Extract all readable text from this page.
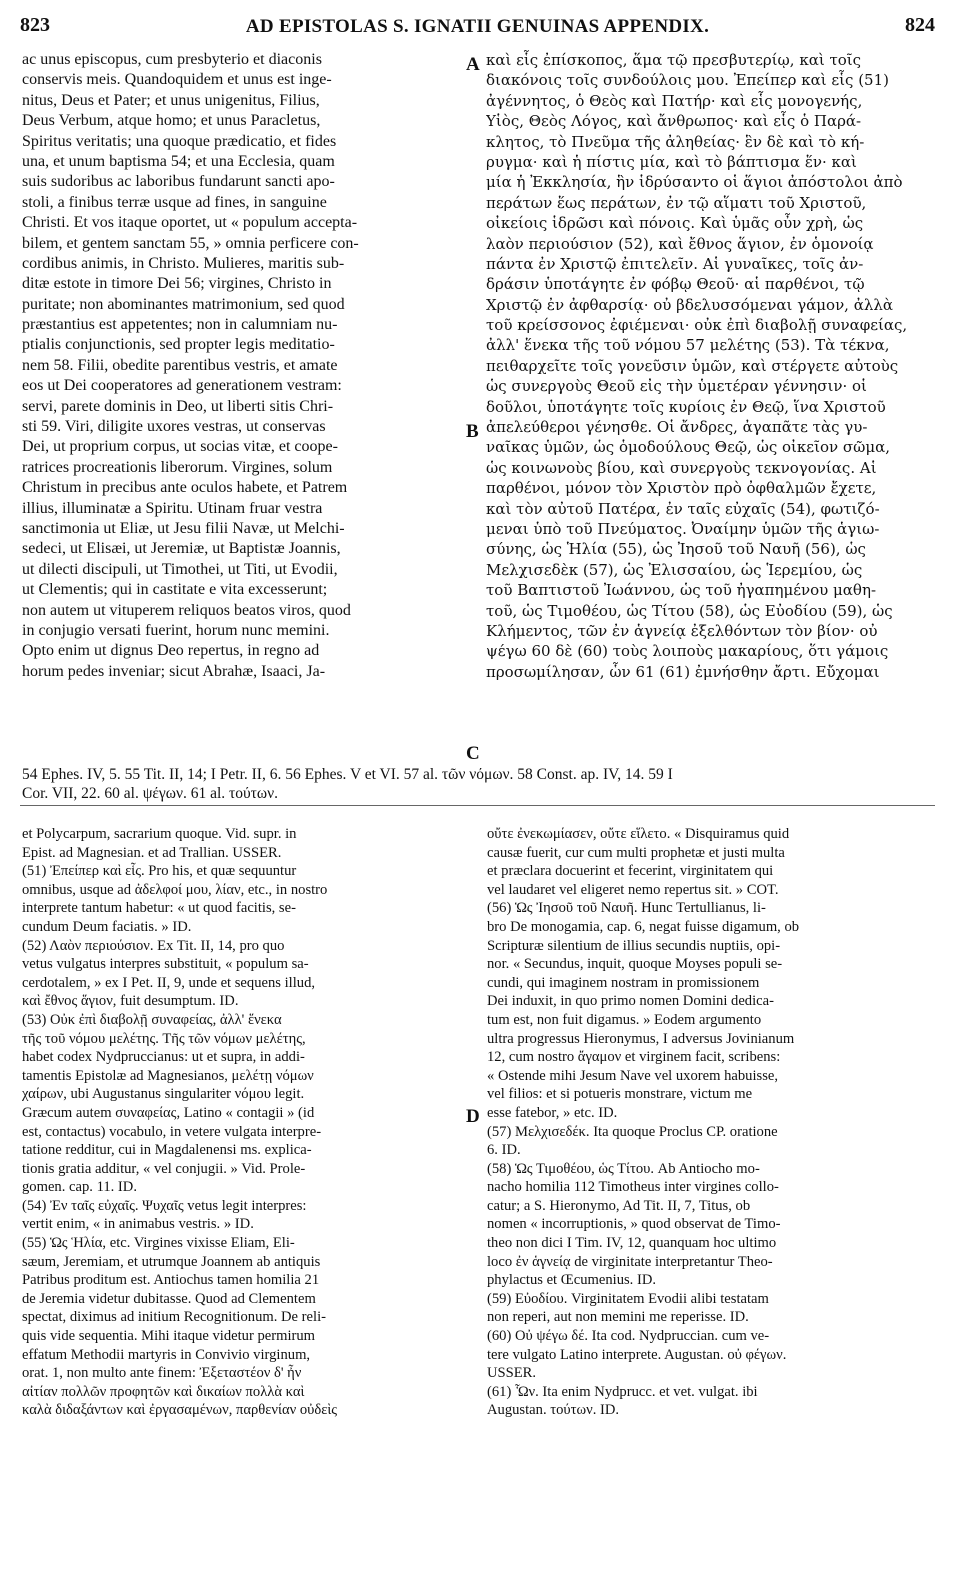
823	AD EPISTOLAS S. IGNATII GENUINAS APPENDIX.	824
ac unus episcopus, cum presbyterio et diaconis
conservis meis. Quandoquidem et unus est inge-
nitus, Deus et Pater; et unus unigenitus, Filius,
Deus Verbum, atque homo; et unus Paracletus,
Spiritus veritatis; una quoque prædicatio, et fides
una, et unum baptisma 54; et una Ecclesia, quam
suis sudoribus ac laboribus fundarunt sancti apo-
stoli, a finibus terræ usque ad fines, in sanguine
Christi. Et vos itaque oportet, ut « populum accepta-
bilem, et gentem sanctam 55, » omnia perficere con-
cordibus animis, in Christo. Mulieres, maritis sub-
ditæ estote in timore Dei 56; virgines, Christo in
puritate; non abominantes matrimonium, sed quod
præstantius est appetentes; non in calumniam nu-
ptialis conjunctionis, sed propter legis meditatio-
nem 58. Filii, obedite parentibus vestris, et amate
eos ut Dei cooperatores ad generationem vestram:
servi, parete dominis in Deo, ut liberti sitis Chri-
sti 59. Viri, diligite uxores vestras, ut conservas
Dei, ut proprium corpus, ut socias vitæ, et coope-
ratrices procreationis liberorum. Virgines, solum
Christum in precibus ante oculos habete, et Patrem
illius, illuminatæ a Spiritu. Utinam fruar vestra
sanctimonia ut Eliæ, ut Jesu filii Navæ, ut Melchi-
sedeci, ut Elisæi, ut Jeremiæ, ut Baptistæ Joannis,
ut dilecti discipuli, ut Timothei, ut Titi, ut Evodii,
ut Clementis; qui in castitate e vita excesserunt;
non autem ut vituperem reliquos beatos viros, quod
in conjugio versati fuerint, horum nunc memini.
Opto enim ut dignus Deo repertus, in regno ad
horum pedes inveniar; sicut Abrahæ, Isaaci, Ja-
καὶ εἷς ἐπίσκοπος, ἅμα τῷ πρεσβυτερίῳ, καὶ τοῖς
διακόνοις τοῖς συνδούλοις μου. Ἐπείπερ καὶ εἷς (51)
ἀγέννητος, ὁ Θεὸς καὶ Πατήρ· καὶ εἷς μονογενής,
Υἱὸς, Θεὸς Λόγος, καὶ ἄνθρωπος· καὶ εἷς ὁ Παρά-
κλητος, τὸ Πνεῦμα τῆς ἀληθείας· ἓν δὲ καὶ τὸ κή-
ρυγμα· καὶ ἡ πίστις μία, καὶ τὸ βάπτισμα ἕν· καὶ
μία ἡ Ἐκκλησία, ἣν ἱδρύσαντο οἱ ἅγιοι ἀπόστολοι ἀπὸ
περάτων ἕως περάτων, ἐν τῷ αἵματι τοῦ Χριστοῦ,
οἰκείοις ἱδρῶσι καὶ πόνοις. Καὶ ὑμᾶς οὖν χρὴ, ὡς
λαὸν περιούσιον (52), καὶ ἔθνος ἅγιον, ἐν ὁμονοίᾳ
πάντα ἐν Χριστῷ ἐπιτελεῖν. Αἱ γυναῖκες, τοῖς ἀν-
δράσιν ὑποτάγητε ἐν φόβῳ Θεοῦ· αἱ παρθένοι, τῷ
Χριστῷ ἐν ἀφθαρσίᾳ· οὐ βδελυσσόμεναι γάμον, ἀλλὰ
τοῦ κρείσσονος ἐφιέμεναι· οὐκ ἐπὶ διαβολῇ συναφείας,
ἀλλ' ἕνεκα τῆς τοῦ νόμου 57 μελέτης (53). Τὰ τέκνα,
πειθαρχεῖτε τοῖς γονεῦσιν ὑμῶν, καὶ στέργετε αὐτοὺς
ὡς συνεργοὺς Θεοῦ εἰς τὴν ὑμετέραν γέννησιν· οἱ
δοῦλοι, ὑποτάγητε τοῖς κυρίοις ἐν Θεῷ, ἵνα Χριστοῦ
ἀπελεύθεροι γένησθε. Οἱ ἄνδρες, ἀγαπᾶτε τὰς γυ-
ναῖκας ὑμῶν, ὡς ὁμοδούλους Θεῷ, ὡς οἰκεῖον σῶμα,
ὡς κοινωνοὺς βίου, καὶ συνεργοὺς τεκνογονίας. Αἱ
παρθένοι, μόνον τὸν Χριστὸν πρὸ ὀφθαλμῶν ἔχετε,
καὶ τὸν αὐτοῦ Πατέρα, ἐν ταῖς εὐχαῖς (54), φωτιζό-
μεναι ὑπὸ τοῦ Πνεύματος. Ὀναίμην ὑμῶν τῆς ἁγιω-
σύνης, ὡς Ἡλία (55), ὡς Ἰησοῦ τοῦ Ναυῆ (56), ὡς
Μελχισεδὲκ (57), ὡς Ἐλισσαίου, ὡς Ἱερεμίου, ὡς
τοῦ Βαπτιστοῦ Ἰωάννου, ὡς τοῦ ἠγαπημένου μαθη-
τοῦ, ὡς Τιμοθέου, ὡς Τίτου (58), ὡς Εὐοδίου (59), ὡς
Κλήμεντος, τῶν ἐν ἁγνείᾳ ἐξελθόντων τὸν βίον· οὐ
ψέγω 60 δὲ (60) τοὺς λοιποὺς μακαρίους, ὅτι γάμοις
προσωμίλησαν, ὧν 61 (61) ἐμνήσθην ἄρτι. Εὔχομαι
A
B
C
D
54 Ephes. IV, 5. 55 Tit. II, 14; I Petr. II, 6. 56 Ephes. V et VI. 57 al. τῶν νόμων. 58 Const. ap. IV, 14. 59 I
Cor. VII, 22. 60 al. ψέγων. 61 al. τούτων.
et Polycarpum, sacrarium quoque. Vid. supr. in
Epist. ad Magnesian. et ad Trallian. USSER.
(51) Ἐπείπερ καὶ εἷς. Pro his, et quæ sequuntur
omnibus, usque ad ἀδελφοί μου, λίαν, etc., in nostro
interprete tantum habetur: « ut quod facitis, se-
cundum Deum faciatis. » ID.
(52) Λαὸν περιούσιον. Ex Tit. II, 14, pro quo
vetus vulgatus interpres substituit, « populum sa-
cerdotalem, » ex I Pet. II, 9, unde et sequens illud,
καὶ ἔθνος ἅγιον, fuit desumptum. ID.
(53) Οὐκ ἐπὶ διαβολῇ συναφείας, ἀλλ' ἕνεκα
τῆς τοῦ νόμου μελέτης. Τῆς τῶν νόμων μελέτης,
habet codex Nydpruccianus: ut et supra, in addi-
tamentis Epistolæ ad Magnesianos, μελέτῃ νόμων
χαίρων, ubi Augustanus singulariter νόμου legit.
Græcum autem συναφείας, Latino « contagii » (id
est, contactus) vocabulo, in vetere vulgata interpre-
tatione redditur, cui in Magdalenensi ms. explica-
tionis gratia additur, « vel conjugii. » Vid. Prole-
gomen. cap. 11. ID.
(54) Ἐν ταῖς εὐχαῖς. Ψυχαῖς vetus legit interpres:
vertit enim, « in animabus vestris. » ID.
(55) Ὡς Ἡλία, etc. Virgines vixisse Eliam, Eli-
sæum, Jeremiam, et utrumque Joannem ab antiquis
Patribus proditum est. Antiochus tamen homilia 21
de Jeremia videtur dubitasse. Quod ad Clementem
spectat, diximus ad initium Recognitionum. De reli-
quis vide sequentia. Mihi itaque videtur permirum
effatum Methodii martyris in Convivio virginum,
orat. 1, non multo ante finem: Ἐξεταστέον δ' ἦν
αἰτίαν πολλῶν προφητῶν καὶ δικαίων πολλὰ καὶ
καλὰ διδαξάντων καὶ ἐργασαμένων, παρθενίαν οὐδεὶς
οὔτε ἐνεκωμίασεν, οὔτε εἵλετο. « Disquiramus quid
causæ fuerit, cur cum multi prophetæ et justi multa
et præclara docuerint et fecerint, virginitatem qui
vel laudaret vel eligeret nemo repertus sit. » COT.
(56) Ὡς Ἰησοῦ τοῦ Ναυῆ. Hunc Tertullianus, li-
bro De monogamia, cap. 6, negat fuisse digamum, ob
Scripturæ silentium de illius secundis nuptiis, opi-
nor. « Secundus, inquit, quoque Moyses populi se-
cundi, qui imaginem nostram in promissionem
Dei induxit, in quo primo nomen Domini dedica-
tum est, non fuit digamus. » Eodem argumento
ultra progressus Hieronymus, I adversus Jovinianum
12, cum nostro ἄγαμον et virginem facit, scribens:
« Ostende mihi Jesum Nave vel uxorem habuisse,
vel filios: et si potueris monstrare, victum me
esse fatebor, » etc. ID.
(57) Μελχισεδέκ. Ita quoque Proclus CP. oratione
6. ID.
(58) Ὡς Τιμοθέου, ὡς Τίτου. Ab Antiocho mo-
nacho homilia 112 Timotheus inter virgines collo-
catur; a S. Hieronymo, Ad Tit. II, 7, Titus, ob
nomen « incorruptionis, » quod observat de Timo-
theo non dici I Tim. IV, 12, quanquam hoc ultimo
loco ἐν ἁγνείᾳ de virginitate interpretantur Theo-
phylactus et Œcumenius. ID.
(59) Εὐοδίου. Virginitatem Evodii alibi testatam
non reperi, aut non memini me reperisse. ID.
(60) Οὐ ψέγω δέ. Ita cod. Nydpruccian. cum ve-
tere vulgato Latino interprete. Augustan. οὐ φέγων.
USSER.
(61) Ὧν. Ita enim Nydprucc. et vet. vulgat. ibi
Augustan. τούτων. ID.
